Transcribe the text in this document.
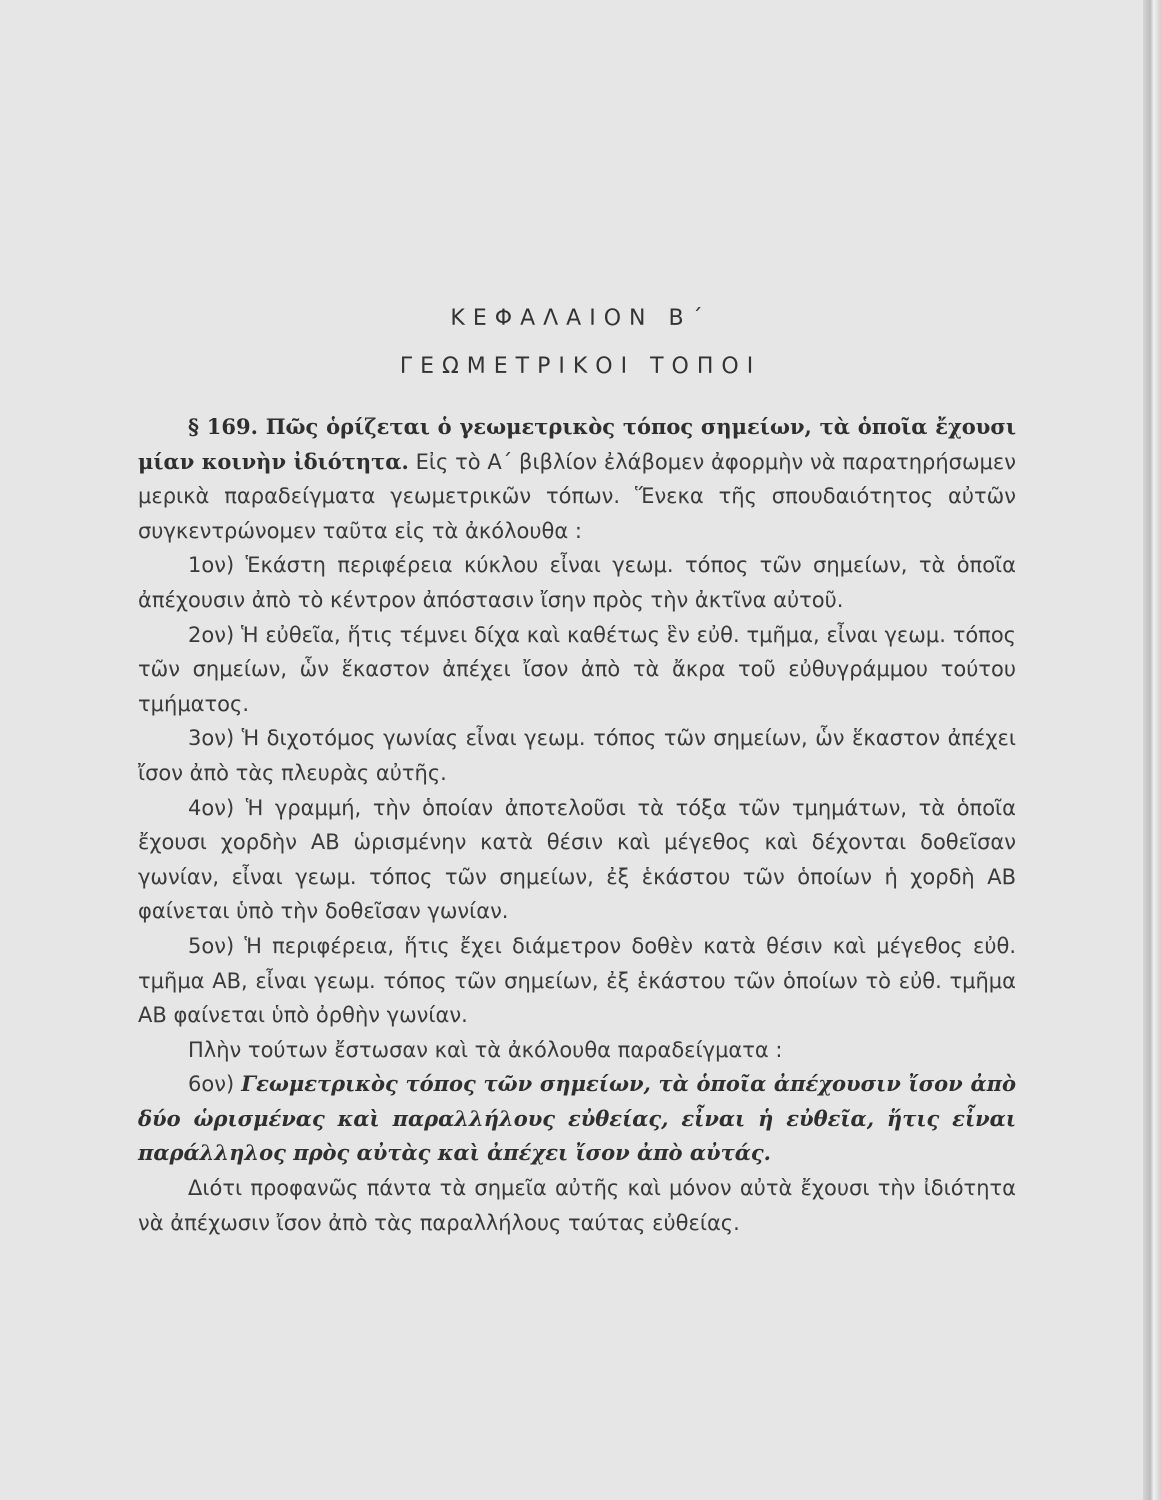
ΚΕΦΑΛΑΙΟΝ Β΄
ΓΕΩΜΕΤΡΙΚΟΙ ΤΟΠΟΙ

§ 169. Πῶς ὁρίζεται ὁ γεωμετρικὸς τόπος σημείων, τὰ ὁποῖα ἔχουσι μίαν κοινὴν ἰδιότητα. Εἰς τὸ Α΄ βιβλίον ἐλάβομεν ἀφορμὴν νὰ παρατηρήσωμεν μερικὰ παραδείγματα γεωμετρικῶν τόπων. Ἕνεκα τῆς σπουδαιότητος αὐτῶν συγκεντρώνομεν ταῦτα εἰς τὰ ἀκόλουθα :

1ον) Ἑκάστη περιφέρεια κύκλου εἶναι γεωμ. τόπος τῶν σημείων, τὰ ὁποῖα ἀπέχουσιν ἀπὸ τὸ κέντρον ἀπόστασιν ἴσην πρὸς τὴν ἀκτῖνα αὐτοῦ.

2ον) Ἡ εὐθεῖα, ἥτις τέμνει δίχα καὶ καθέτως ἓν εὐθ. τμῆμα, εἶναι γεωμ. τόπος τῶν σημείων, ὧν ἕκαστον ἀπέχει ἴσον ἀπὸ τὰ ἄκρα τοῦ εὐθυγράμμου τούτου τμήματος.

3ον) Ἡ διχοτόμος γωνίας εἶναι γεωμ. τόπος τῶν σημείων, ὧν ἕκαστον ἀπέχει ἴσον ἀπὸ τὰς πλευρὰς αὐτῆς.

4ον) Ἡ γραμμή, τὴν ὁποίαν ἀποτελοῦσι τὰ τόξα τῶν τμημάτων, τὰ ὁποῖα ἔχουσι χορδὴν ΑΒ ὡρισμένην κατὰ θέσιν καὶ μέγεθος καὶ δέχονται δοθεῖσαν γωνίαν, εἶναι γεωμ. τόπος τῶν σημείων, ἐξ ἑκάστου τῶν ὁποίων ἡ χορδὴ ΑΒ φαίνεται ὑπὸ τὴν δοθεῖσαν γωνίαν.

5ον) Ἡ περιφέρεια, ἥτις ἔχει διάμετρον δοθὲν κατὰ θέσιν καὶ μέγεθος εὐθ. τμῆμα ΑΒ, εἶναι γεωμ. τόπος τῶν σημείων, ἐξ ἑκάστου τῶν ὁποίων τὸ εὐθ. τμῆμα ΑΒ φαίνεται ὑπὸ ὀρθὴν γωνίαν.

Πλὴν τούτων ἔστωσαν καὶ τὰ ἀκόλουθα παραδείγματα :

6ον) Γεωμετρικὸς τόπος τῶν σημείων, τὰ ὁποῖα ἀπέχουσιν ἴσον ἀπὸ δύο ὡρισμένας καὶ παραλλήλους εὐθείας, εἶναι ἡ εὐθεῖα, ἥτις εἶναι παράλληλος πρὸς αὐτὰς καὶ ἀπέχει ἴσον ἀπὸ αὐτάς.

Διότι προφανῶς πάντα τὰ σημεῖα αὐτῆς καὶ μόνον αὐτὰ ἔχουσι τὴν ἰδιότητα νὰ ἀπέχωσιν ἴσον ἀπὸ τὰς παραλλήλους ταύτας εὐθείας.
